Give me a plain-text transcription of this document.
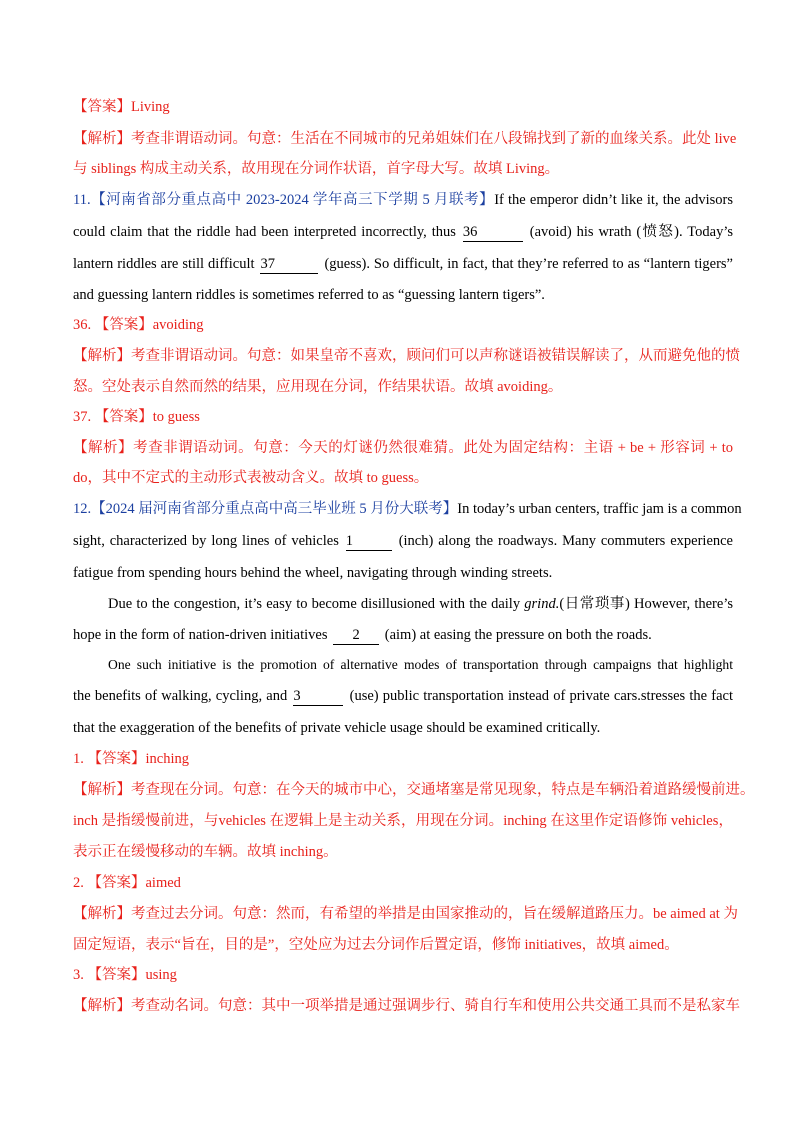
【答案】Living
【解析】考查非谓语动词。句意：生活在不同城市的兄弟姐妹们在八段锦找到了新的血缘关系。此处 live
与 siblings 构成主动关系，故用现在分词作状语，首字母大写。故填 Living。
11.【河南省部分重点高中 2023-2024 学年高三下学期 5 月联考】If the emperor didn’t like it, the advisors
could claim that the riddle had been interpreted incorrectly, thus 36	(avoid) his wrath (愤怒). Today’s
lantern riddles are still difficult 37	(guess). So difficult, in fact, that they’re referred to as “lantern tigers”
and guessing lantern riddles is sometimes referred to as “guessing lantern tigers”.
36. 【答案】avoiding
【解析】考查非谓语动词。句意：如果皇帝不喜欢，顾问们可以声称谜语被错误解读了，从而避免他的愤
怒。空处表示自然而然的结果，应用现在分词，作结果状语。故填 avoiding。
37. 【答案】to guess
【解析】考查非谓语动词。句意：今天的灯谜仍然很难猜。此处为固定结构：主语 + be + 形容词 + to
do，其中不定式的主动形式表被动含义。故填 to guess。
12.【2024 届河南省部分重点高中高三毕业班 5 月份大联考】In today’s urban centers, traffic jam is a common
sight, characterized by long lines of vehicles 1	(inch) along the roadways. Many commuters experience
fatigue from spending hours behind the wheel, navigating through winding streets.
Due to the congestion, it’s easy to become disillusioned with the daily grind.(日常琐事) However, there’s
hope in the form of nation-driven initiatives 2 (aim) at easing the pressure on both the roads.
One such initiative is the promotion of alternative modes of transportation through campaigns that highlight
the benefits of walking, cycling, and 3	(use) public transportation instead of private cars.stresses the fact
that the exaggeration of the benefits of private vehicle usage should be examined critically.
1. 【答案】inching
【解析】考查现在分词。句意：在今天的城市中心，交通堵塞是常见现象，特点是车辆沿着道路缓慢前进。
inch 是指缓慢前进，与vehicles 在逻辑上是主动关系，用现在分词。inching 在这里作定语修饰 vehicles，
表示正在缓慢移动的车辆。故填 inching。
2. 【答案】aimed
【解析】考查过去分词。句意：然而，有希望的举措是由国家推动的，旨在缓解道路压力。be aimed at 为
固定短语，表示“旨在，目的是”，空处应为过去分词作后置定语，修饰 initiatives，故填 aimed。
3. 【答案】using
【解析】考查动名词。句意：其中一项举措是通过强调步行、骑自行车和使用公共交通工具而不是私家车
